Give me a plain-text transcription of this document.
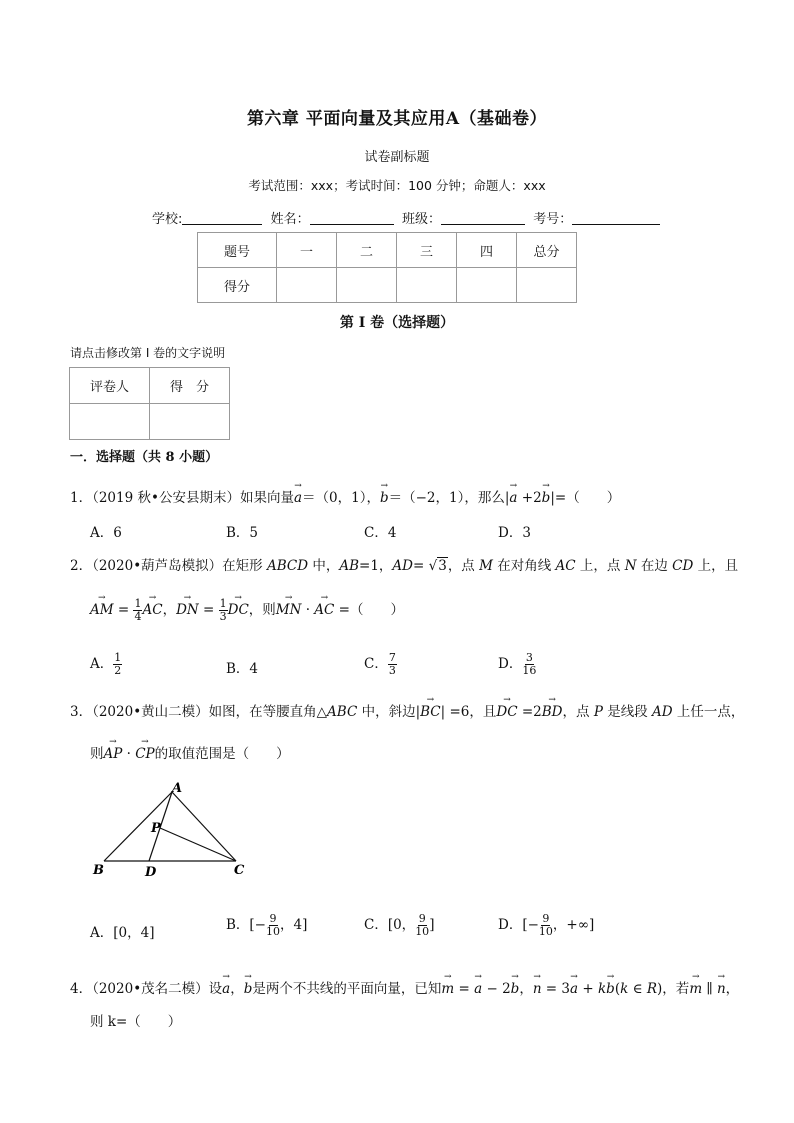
第六章 平面向量及其应用A（基础卷）
试卷副标题
考试范围：xxx；考试时间：100 分钟；命题人：xxx
学校:	姓名：	班级：	考号：
题号	一	二	三	四	总分
得分					
第 I 卷（选择题）
请点击修改第 I 卷的文字说明
评卷人	得　分

一．选择题（共 8 小题）
1．（2019 秋•公安县期末）如果向量→ a＝（0，1），→ b＝（−2，1），那么|→ a +2→ b|=（　　）
A．6	B．5	C．4	D．3
2．（2020•葫芦岛模拟）在矩形 ABCD 中，AB=1，AD= √3，点 M 在对角线 AC 上，点 N 在边 CD 上，且
→ AM = $\frac{1}{4}$ → AC，→ DN = $\frac{1}{3}$ → DC，则→ MN · → AC =（　　）
A． $\frac{1}{2}$	B．4	C． $\frac{7}{3}$	D． $\frac{3}{16}$
3．（2020•黄山二模）如图，在等腰直角△ABC 中，斜边|→ BC| =6，且→ DC =2→ BD，点 P 是线段 AD 上任一点，
则→ AP · → CP的取值范围是（　　）
A
P
B	D	C
A．[0，4]	B．[− $\frac{9}{10}$ ，4]	C．[0， $\frac{9}{10}$ ]	D．[− $\frac{9}{10}$ ，+∞]
4．（2020•茂名二模）设→ a，→ b是两个不共线的平面向量，已知→ m = → a − 2→ b，→ n = 3→ a + k→ b(k ∈ R)，若→ m ∥ → n，
则 k=（　　）
